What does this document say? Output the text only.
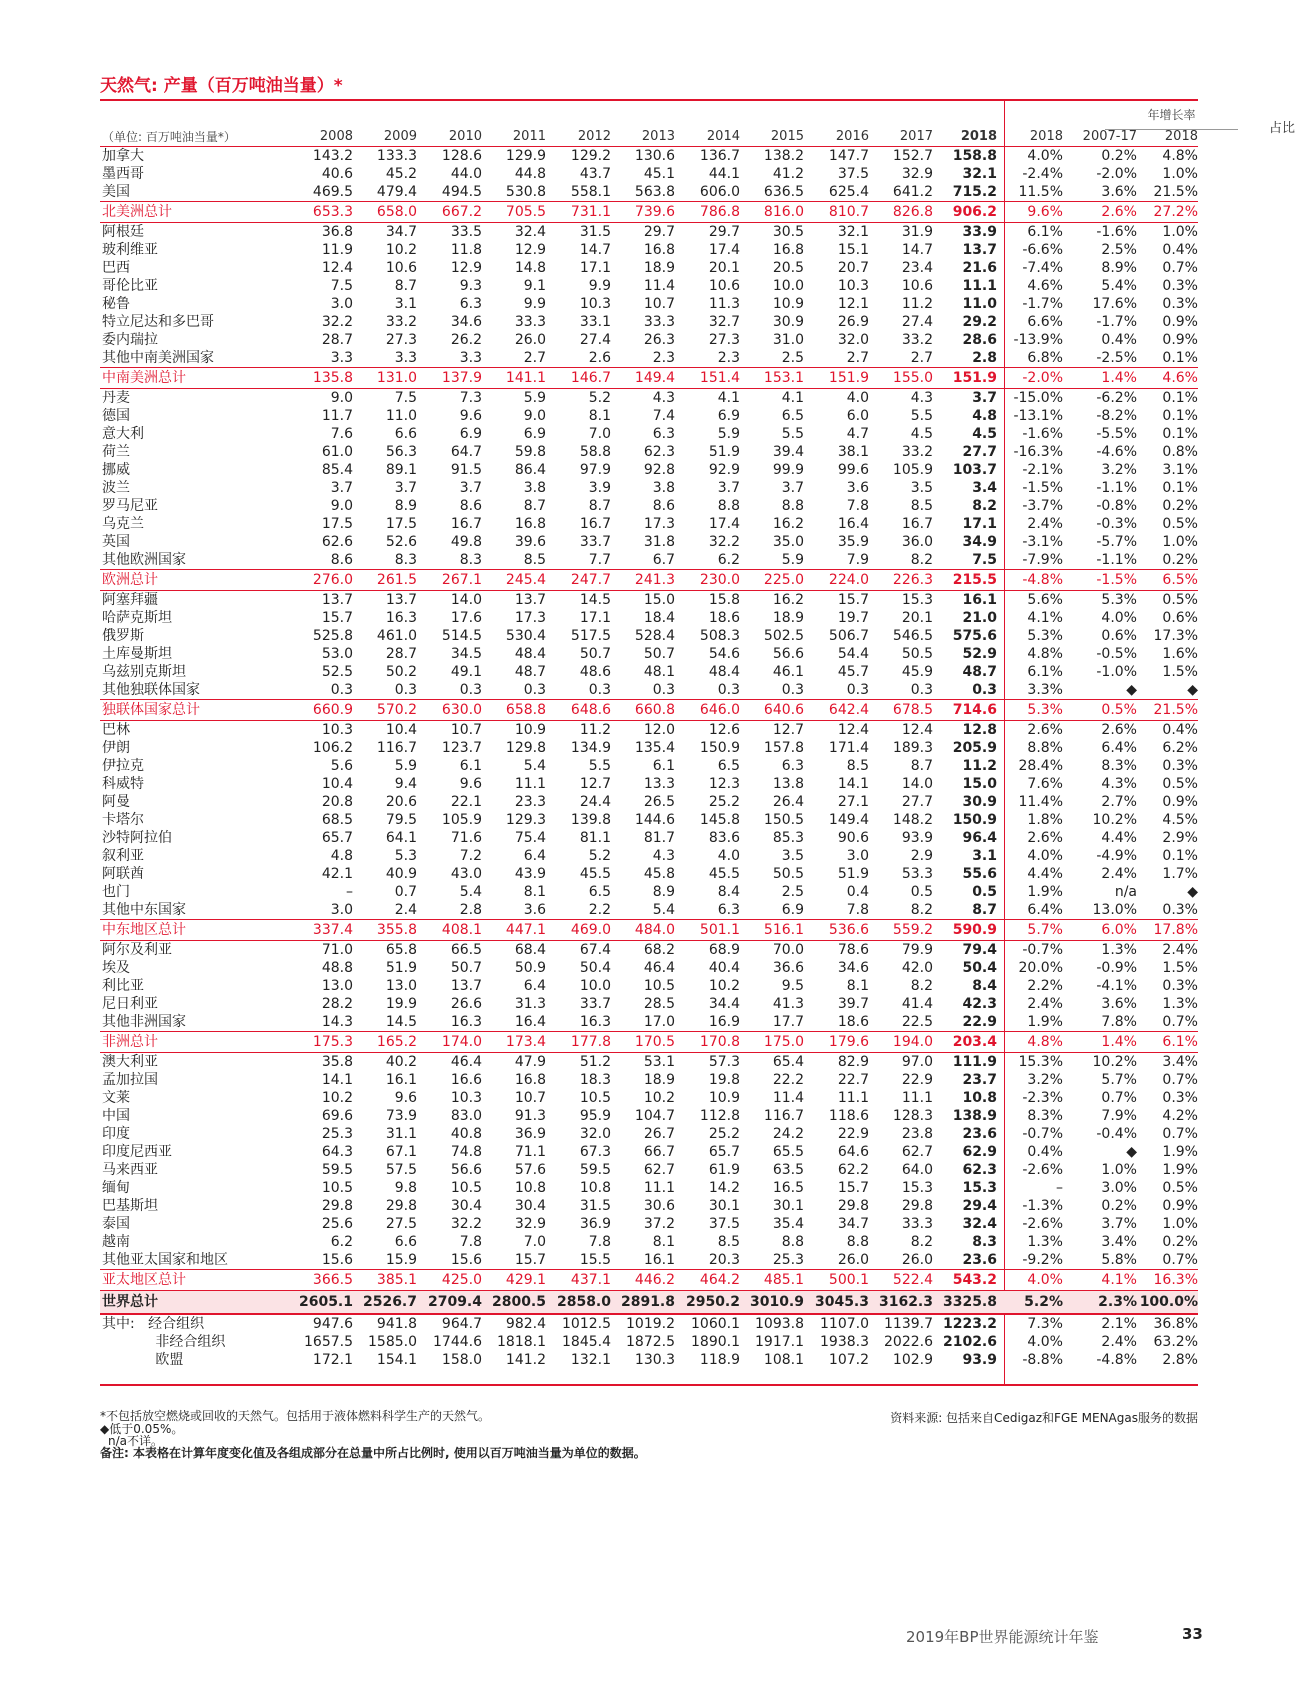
天然气: 产量（百万吨油当量）*
年增长率
占比
（单位: 百万吨油当量*）	2008	2009	2010	2011	2012	2013	2014	2015	2016	2017	2018	2018	2007-17	2018
加拿大	143.2	133.3	128.6	129.9	129.2	130.6	136.7	138.2	147.7	152.7	158.8	4.0%	0.2%	4.8%
墨西哥	40.6	45.2	44.0	44.8	43.7	45.1	44.1	41.2	37.5	32.9	32.1	-2.4%	-2.0%	1.0%
美国	469.5	479.4	494.5	530.8	558.1	563.8	606.0	636.5	625.4	641.2	715.2	11.5%	3.6%	21.5%
北美洲总计	653.3	658.0	667.2	705.5	731.1	739.6	786.8	816.0	810.7	826.8	906.2	9.6%	2.6%	27.2%
阿根廷	36.8	34.7	33.5	32.4	31.5	29.7	29.7	30.5	32.1	31.9	33.9	6.1%	-1.6%	1.0%
玻利维亚	11.9	10.2	11.8	12.9	14.7	16.8	17.4	16.8	15.1	14.7	13.7	-6.6%	2.5%	0.4%
巴西	12.4	10.6	12.9	14.8	17.1	18.9	20.1	20.5	20.7	23.4	21.6	-7.4%	8.9%	0.7%
哥伦比亚	7.5	8.7	9.3	9.1	9.9	11.4	10.6	10.0	10.3	10.6	11.1	4.6%	5.4%	0.3%
秘鲁	3.0	3.1	6.3	9.9	10.3	10.7	11.3	10.9	12.1	11.2	11.0	-1.7%	17.6%	0.3%
特立尼达和多巴哥	32.2	33.2	34.6	33.3	33.1	33.3	32.7	30.9	26.9	27.4	29.2	6.6%	-1.7%	0.9%
委内瑞拉	28.7	27.3	26.2	26.0	27.4	26.3	27.3	31.0	32.0	33.2	28.6	-13.9%	0.4%	0.9%
其他中南美洲国家	3.3	3.3	3.3	2.7	2.6	2.3	2.3	2.5	2.7	2.7	2.8	6.8%	-2.5%	0.1%
中南美洲总计	135.8	131.0	137.9	141.1	146.7	149.4	151.4	153.1	151.9	155.0	151.9	-2.0%	1.4%	4.6%
丹麦	9.0	7.5	7.3	5.9	5.2	4.3	4.1	4.1	4.0	4.3	3.7	-15.0%	-6.2%	0.1%
德国	11.7	11.0	9.6	9.0	8.1	7.4	6.9	6.5	6.0	5.5	4.8	-13.1%	-8.2%	0.1%
意大利	7.6	6.6	6.9	6.9	7.0	6.3	5.9	5.5	4.7	4.5	4.5	-1.6%	-5.5%	0.1%
荷兰	61.0	56.3	64.7	59.8	58.8	62.3	51.9	39.4	38.1	33.2	27.7	-16.3%	-4.6%	0.8%
挪威	85.4	89.1	91.5	86.4	97.9	92.8	92.9	99.9	99.6	105.9	103.7	-2.1%	3.2%	3.1%
波兰	3.7	3.7	3.7	3.8	3.9	3.8	3.7	3.7	3.6	3.5	3.4	-1.5%	-1.1%	0.1%
罗马尼亚	9.0	8.9	8.6	8.7	8.7	8.6	8.8	8.8	7.8	8.5	8.2	-3.7%	-0.8%	0.2%
乌克兰	17.5	17.5	16.7	16.8	16.7	17.3	17.4	16.2	16.4	16.7	17.1	2.4%	-0.3%	0.5%
英国	62.6	52.6	49.8	39.6	33.7	31.8	32.2	35.0	35.9	36.0	34.9	-3.1%	-5.7%	1.0%
其他欧洲国家	8.6	8.3	8.3	8.5	7.7	6.7	6.2	5.9	7.9	8.2	7.5	-7.9%	-1.1%	0.2%
欧洲总计	276.0	261.5	267.1	245.4	247.7	241.3	230.0	225.0	224.0	226.3	215.5	-4.8%	-1.5%	6.5%
阿塞拜疆	13.7	13.7	14.0	13.7	14.5	15.0	15.8	16.2	15.7	15.3	16.1	5.6%	5.3%	0.5%
哈萨克斯坦	15.7	16.3	17.6	17.3	17.1	18.4	18.6	18.9	19.7	20.1	21.0	4.1%	4.0%	0.6%
俄罗斯	525.8	461.0	514.5	530.4	517.5	528.4	508.3	502.5	506.7	546.5	575.6	5.3%	0.6%	17.3%
土库曼斯坦	53.0	28.7	34.5	48.4	50.7	50.7	54.6	56.6	54.4	50.5	52.9	4.8%	-0.5%	1.6%
乌兹别克斯坦	52.5	50.2	49.1	48.7	48.6	48.1	48.4	46.1	45.7	45.9	48.7	6.1%	-1.0%	1.5%
其他独联体国家	0.3	0.3	0.3	0.3	0.3	0.3	0.3	0.3	0.3	0.3	0.3	3.3%	◆	◆
独联体国家总计	660.9	570.2	630.0	658.8	648.6	660.8	646.0	640.6	642.4	678.5	714.6	5.3%	0.5%	21.5%
巴林	10.3	10.4	10.7	10.9	11.2	12.0	12.6	12.7	12.4	12.4	12.8	2.6%	2.6%	0.4%
伊朗	106.2	116.7	123.7	129.8	134.9	135.4	150.9	157.8	171.4	189.3	205.9	8.8%	6.4%	6.2%
伊拉克	5.6	5.9	6.1	5.4	5.5	6.1	6.5	6.3	8.5	8.7	11.2	28.4%	8.3%	0.3%
科威特	10.4	9.4	9.6	11.1	12.7	13.3	12.3	13.8	14.1	14.0	15.0	7.6%	4.3%	0.5%
阿曼	20.8	20.6	22.1	23.3	24.4	26.5	25.2	26.4	27.1	27.7	30.9	11.4%	2.7%	0.9%
卡塔尔	68.5	79.5	105.9	129.3	139.8	144.6	145.8	150.5	149.4	148.2	150.9	1.8%	10.2%	4.5%
沙特阿拉伯	65.7	64.1	71.6	75.4	81.1	81.7	83.6	85.3	90.6	93.9	96.4	2.6%	4.4%	2.9%
叙利亚	4.8	5.3	7.2	6.4	5.2	4.3	4.0	3.5	3.0	2.9	3.1	4.0%	-4.9%	0.1%
阿联酋	42.1	40.9	43.0	43.9	45.5	45.8	45.5	50.5	51.9	53.3	55.6	4.4%	2.4%	1.7%
也门	–	0.7	5.4	8.1	6.5	8.9	8.4	2.5	0.4	0.5	0.5	1.9%	n/a	◆
其他中东国家	3.0	2.4	2.8	3.6	2.2	5.4	6.3	6.9	7.8	8.2	8.7	6.4%	13.0%	0.3%
中东地区总计	337.4	355.8	408.1	447.1	469.0	484.0	501.1	516.1	536.6	559.2	590.9	5.7%	6.0%	17.8%
阿尔及利亚	71.0	65.8	66.5	68.4	67.4	68.2	68.9	70.0	78.6	79.9	79.4	-0.7%	1.3%	2.4%
埃及	48.8	51.9	50.7	50.9	50.4	46.4	40.4	36.6	34.6	42.0	50.4	20.0%	-0.9%	1.5%
利比亚	13.0	13.0	13.7	6.4	10.0	10.5	10.2	9.5	8.1	8.2	8.4	2.2%	-4.1%	0.3%
尼日利亚	28.2	19.9	26.6	31.3	33.7	28.5	34.4	41.3	39.7	41.4	42.3	2.4%	3.6%	1.3%
其他非洲国家	14.3	14.5	16.3	16.4	16.3	17.0	16.9	17.7	18.6	22.5	22.9	1.9%	7.8%	0.7%
非洲总计	175.3	165.2	174.0	173.4	177.8	170.5	170.8	175.0	179.6	194.0	203.4	4.8%	1.4%	6.1%
澳大利亚	35.8	40.2	46.4	47.9	51.2	53.1	57.3	65.4	82.9	97.0	111.9	15.3%	10.2%	3.4%
孟加拉国	14.1	16.1	16.6	16.8	18.3	18.9	19.8	22.2	22.7	22.9	23.7	3.2%	5.7%	0.7%
文莱	10.2	9.6	10.3	10.7	10.5	10.2	10.9	11.4	11.1	11.1	10.8	-2.3%	0.7%	0.3%
中国	69.6	73.9	83.0	91.3	95.9	104.7	112.8	116.7	118.6	128.3	138.9	8.3%	7.9%	4.2%
印度	25.3	31.1	40.8	36.9	32.0	26.7	25.2	24.2	22.9	23.8	23.6	-0.7%	-0.4%	0.7%
印度尼西亚	64.3	67.1	74.8	71.1	67.3	66.7	65.7	65.5	64.6	62.7	62.9	0.4%	◆	1.9%
马来西亚	59.5	57.5	56.6	57.6	59.5	62.7	61.9	63.5	62.2	64.0	62.3	-2.6%	1.0%	1.9%
缅甸	10.5	9.8	10.5	10.8	10.8	11.1	14.2	16.5	15.7	15.3	15.3	–	3.0%	0.5%
巴基斯坦	29.8	29.8	30.4	30.4	31.5	30.6	30.1	30.1	29.8	29.8	29.4	-1.3%	0.2%	0.9%
泰国	25.6	27.5	32.2	32.9	36.9	37.2	37.5	35.4	34.7	33.3	32.4	-2.6%	3.7%	1.0%
越南	6.2	6.6	7.8	7.0	7.8	8.1	8.5	8.8	8.8	8.2	8.3	1.3%	3.4%	0.2%
其他亚太国家和地区	15.6	15.9	15.6	15.7	15.5	16.1	20.3	25.3	26.0	26.0	23.6	-9.2%	5.8%	0.7%
亚太地区总计	366.5	385.1	425.0	429.1	437.1	446.2	464.2	485.1	500.1	522.4	543.2	4.0%	4.1%	16.3%
世界总计	2605.1 2526.7 2709.4 2800.5 2858.0 2891.8 2950.2 3010.9 3045.3 3162.3 3325.8	5.2%	2.3% 100.0%
其中:   经合组织	947.6	941.8	964.7	982.4	1012.5	1019.2	1060.1	1093.8	1107.0	1139.7 1223.2	7.3%	2.1%	36.8%
非经合组织	1657.5	1585.0	1744.6	1818.1	1845.4	1872.5	1890.1	1917.1	1938.3	2022.6 2102.6	4.0%	2.4%	63.2%
欧盟	172.1	154.1	158.0	141.2	132.1	130.3	118.9	108.1	107.2	102.9	93.9	-8.8%	-4.8%	2.8%
*不包括放空燃烧或回收的天然气。包括用于液体燃料科学生产的天然气。
◆低于0.05%。
n/a不详。
备注: 本表格在计算年度变化值及各组成部分在总量中所占比例时, 使用以百万吨油当量为单位的数据。
资料来源: 包括来自Cedigaz和FGE MENAgas服务的数据
2019年BP世界能源统计年鉴	33
